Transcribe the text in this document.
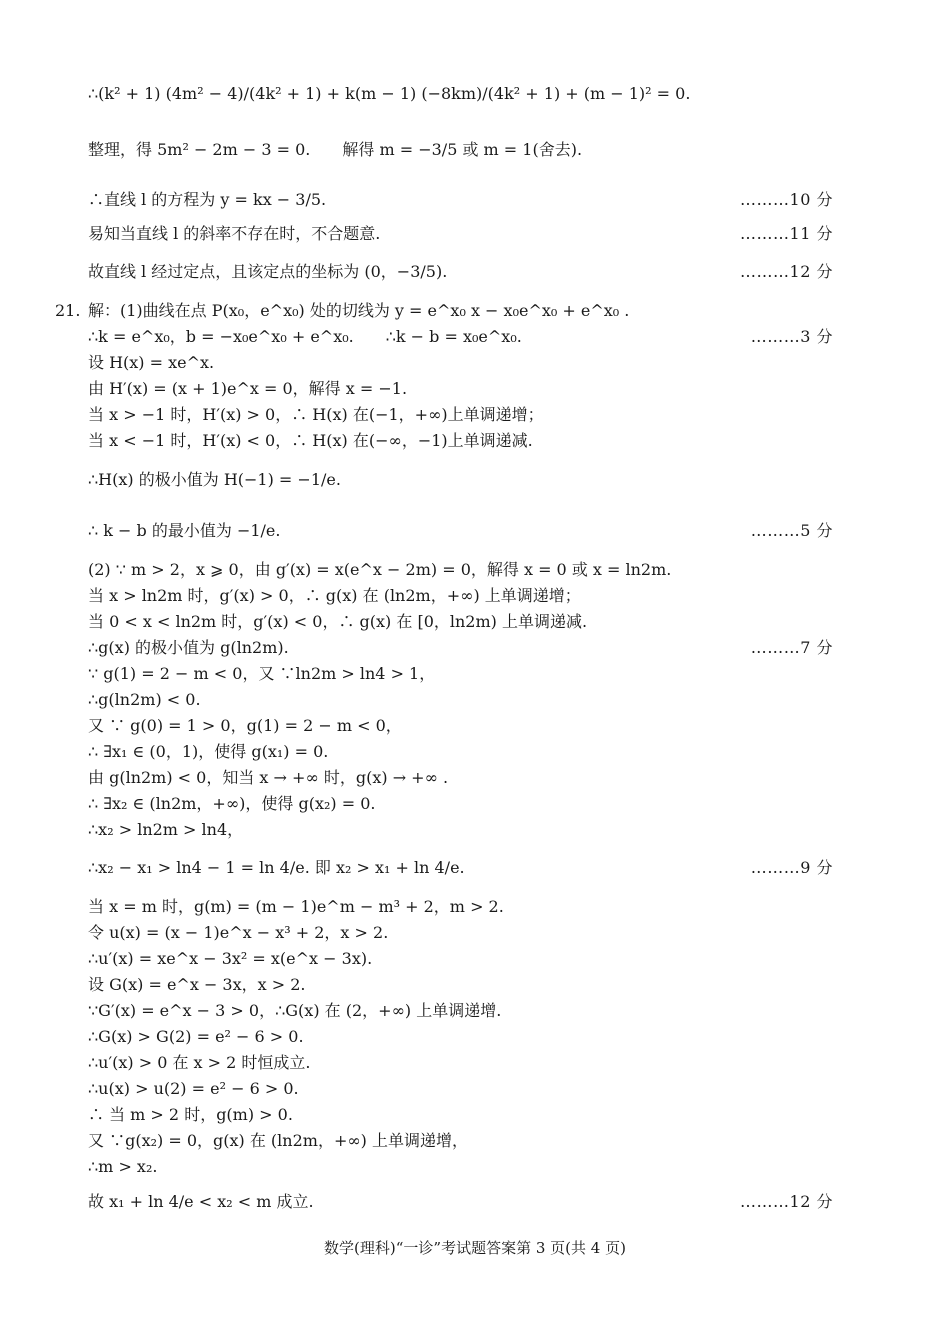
∴(k² + 1) (4m² − 4)/(4k² + 1) + k(m − 1) (−8km)/(4k² + 1) + (m − 1)² = 0.
整理，得 5m² − 2m − 3 = 0.　　解得 m = −3/5 或 m = 1(舍去).
∴直线 l 的方程为 y = kx − 3/5.	………10 分
易知当直线 l 的斜率不存在时，不合题意.	………11 分
故直线 l 经过定点，且该定点的坐标为 (0，−3/5).	………12 分
21. 解：(1)曲线在点 P(x₀，e^x₀) 处的切线为 y = e^x₀ x − x₀e^x₀ + e^x₀ .
∴k = e^x₀，b = −x₀e^x₀ + e^x₀.　　∴k − b = x₀e^x₀.	………3 分
设 H(x) = xe^x.
由 H′(x) = (x + 1)e^x = 0，解得 x = −1.
当 x > −1 时，H′(x) > 0，∴ H(x) 在(−1，+∞)上单调递增；
当 x < −1 时，H′(x) < 0，∴ H(x) 在(−∞，−1)上单调递减.
∴H(x) 的极小值为 H(−1) = −1/e.
∴ k − b 的最小值为 −1/e.	………5 分
(2) ∵ m > 2，x ⩾ 0，由 g′(x) = x(e^x − 2m) = 0，解得 x = 0 或 x = ln2m.
当 x > ln2m 时，g′(x) > 0，∴ g(x) 在 (ln2m，+∞) 上单调递增；
当 0 < x < ln2m 时，g′(x) < 0，∴ g(x) 在 [0，ln2m) 上单调递减.
∴g(x) 的极小值为 g(ln2m).	………7 分
∵ g(1) = 2 − m < 0，又 ∵ln2m > ln4 > 1，
∴g(ln2m) < 0.
又 ∵ g(0) = 1 > 0，g(1) = 2 − m < 0，
∴ ∃x₁ ∈ (0，1)，使得 g(x₁) = 0.
由 g(ln2m) < 0，知当 x → +∞ 时，g(x) → +∞ .
∴ ∃x₂ ∈ (ln2m，+∞)，使得 g(x₂) = 0.
∴x₂ > ln2m > ln4，
∴x₂ − x₁ > ln4 − 1 = ln 4/e. 即 x₂ > x₁ + ln 4/e.	………9 分
当 x = m 时，g(m) = (m − 1)e^m − m³ + 2，m > 2.
令 u(x) = (x − 1)e^x − x³ + 2，x > 2.
∴u′(x) = xe^x − 3x² = x(e^x − 3x).
设 G(x) = e^x − 3x，x > 2.
∵G′(x) = e^x − 3 > 0，∴G(x) 在 (2，+∞) 上单调递增.
∴G(x) > G(2) = e² − 6 > 0.
∴u′(x) > 0 在 x > 2 时恒成立.
∴u(x) > u(2) = e² − 6 > 0.
∴ 当 m > 2 时，g(m) > 0.
又 ∵g(x₂) = 0，g(x) 在 (ln2m，+∞) 上单调递增，
∴m > x₂.
故 x₁ + ln 4/e < x₂ < m 成立.	………12 分
数学(理科)“一诊”考试题答案第 3 页(共 4 页)
